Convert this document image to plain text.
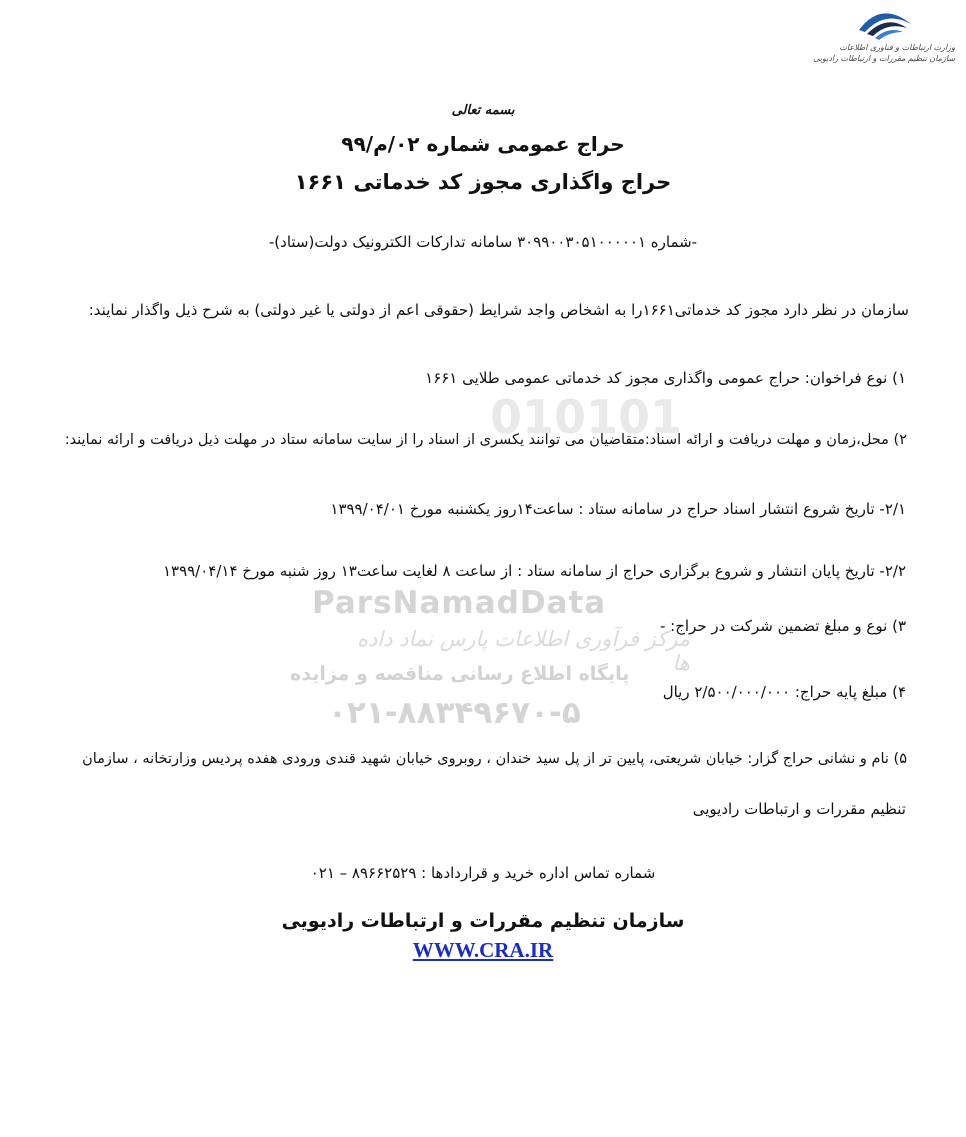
وزارت ارتباطات و فناوری اطلاعات
سازمان تنظیم مقررات و ارتباطات رادیویی
010101
ParsNamadData
مرکز فرآوری اطلاعات پارس نماد داده ها
پایگاه اطلاع رسانی مناقصه و مزایده
۰۲۱-۸۸۳۴۹۶۷۰-۵
بسمه تعالی
حراج عمومی شماره ۰۲/م/۹۹
حراج واگذاری مجوز کد خدماتی ۱۶۶۱
-شماره ۳۰۹۹۰۰۳۰۵۱۰۰۰۰۰۱ سامانه تدارکات الکترونیک دولت(ستاد)-
سازمان در نظر دارد مجوز کد خدماتی۱۶۶۱را به اشخاص واجد شرایط (حقوقی اعم از دولتی یا غیر دولتی) به شرح ذیل واگذار نمایند:
۱) نوع فراخوان: حراج عمومی واگذاری مجوز کد خدماتی عمومی طلایی ۱۶۶۱
۲) محل،زمان و مهلت دریافت و ارائه اسناد:متقاضیان می توانند یکسری از اسناد را از سایت سامانه ستاد در مهلت ذیل دریافت و ارائه نمایند:
۲/۱- تاریخ شروع انتشار اسناد حراج در سامانه ستاد : ساعت۱۴روز یکشنبه مورخ ۱۳۹۹/۰۴/۰۱
۲/۲- تاریخ پایان انتشار و شروع برگزاری حراج از سامانه ستاد : از ساعت ۸ لغایت ساعت۱۳ روز شنبه مورخ ۱۳۹۹/۰۴/۱۴
۳) نوع و مبلغ تضمین شرکت در حراج: -
۴) مبلغ پایه حراج: ۲/۵۰۰/۰۰۰/۰۰۰ ریال
۵) نام و نشانی حراج گزار: خیابان شریعتی، پایین تر از پل سید خندان ، روبروی خیابان شهید قندی ورودی هفده پردیس وزارتخانه ، سازمان
تنظیم مقررات و ارتباطات رادیویی
شماره تماس اداره خرید و قراردادها : ۸۹۶۶۲۵۲۹ – ۰۲۱
سازمان تنظیم مقررات و ارتباطات رادیویی
WWW.CRA.IR
